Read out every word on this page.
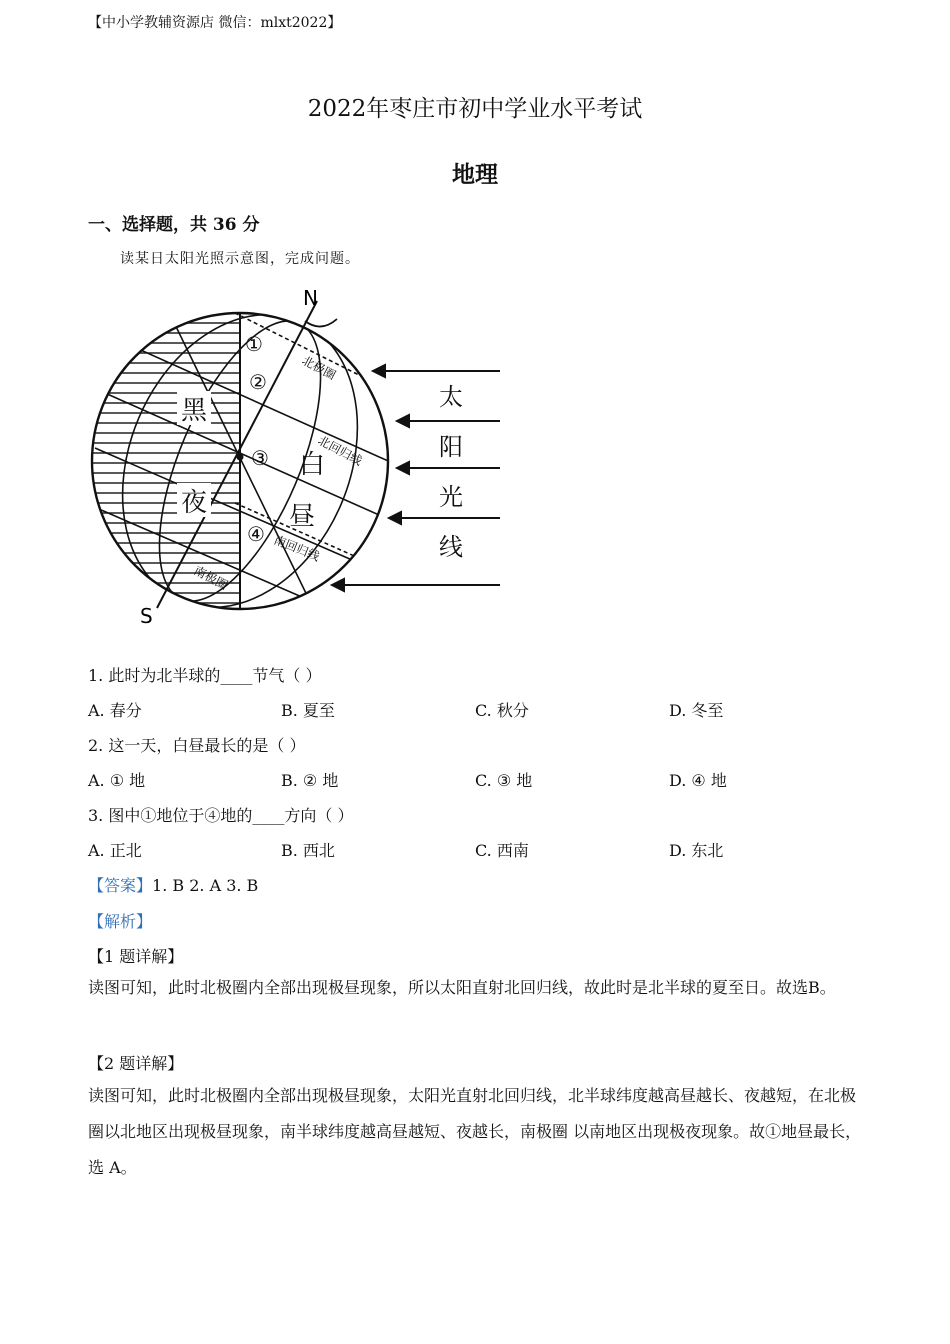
【中小学教辅资源店 微信：mlxt2022】
2022年枣庄市初中学业水平考试
地理
一、选择题，共 36 分
读某日太阳光照示意图，完成问题。
N
S
①
②
③
④
北极圈
北回归线
南回归线
南极圈
黑
夜
白
昼
太
阳
光
线
1. 此时为北半球的____节气（ ）
A. 春分	B. 夏至	C. 秋分	D. 冬至
2. 这一天，白昼最长的是（ ）
A. ① 地	B. ② 地	C. ③ 地	D. ④ 地
3. 图中①地位于④地的____方向（ ）
A. 正北	B. 西北	C. 西南	D. 东北
【答案】1. B 2. A 3. B
【解析】
【1 题详解】
读图可知，此时北极圈内全部出现极昼现象，所以太阳直射北回归线，故此时是北半球的夏至日。故选B。
【2 题详解】
读图可知，此时北极圈内全部出现极昼现象，太阳光直射北回归线，北半球纬度越高昼越长、夜越短，在北极圈以北地区出现极昼现象，南半球纬度越高昼越短、夜越长，南极圈 以南地区出现极夜现象。故①地昼最长，选 A。
